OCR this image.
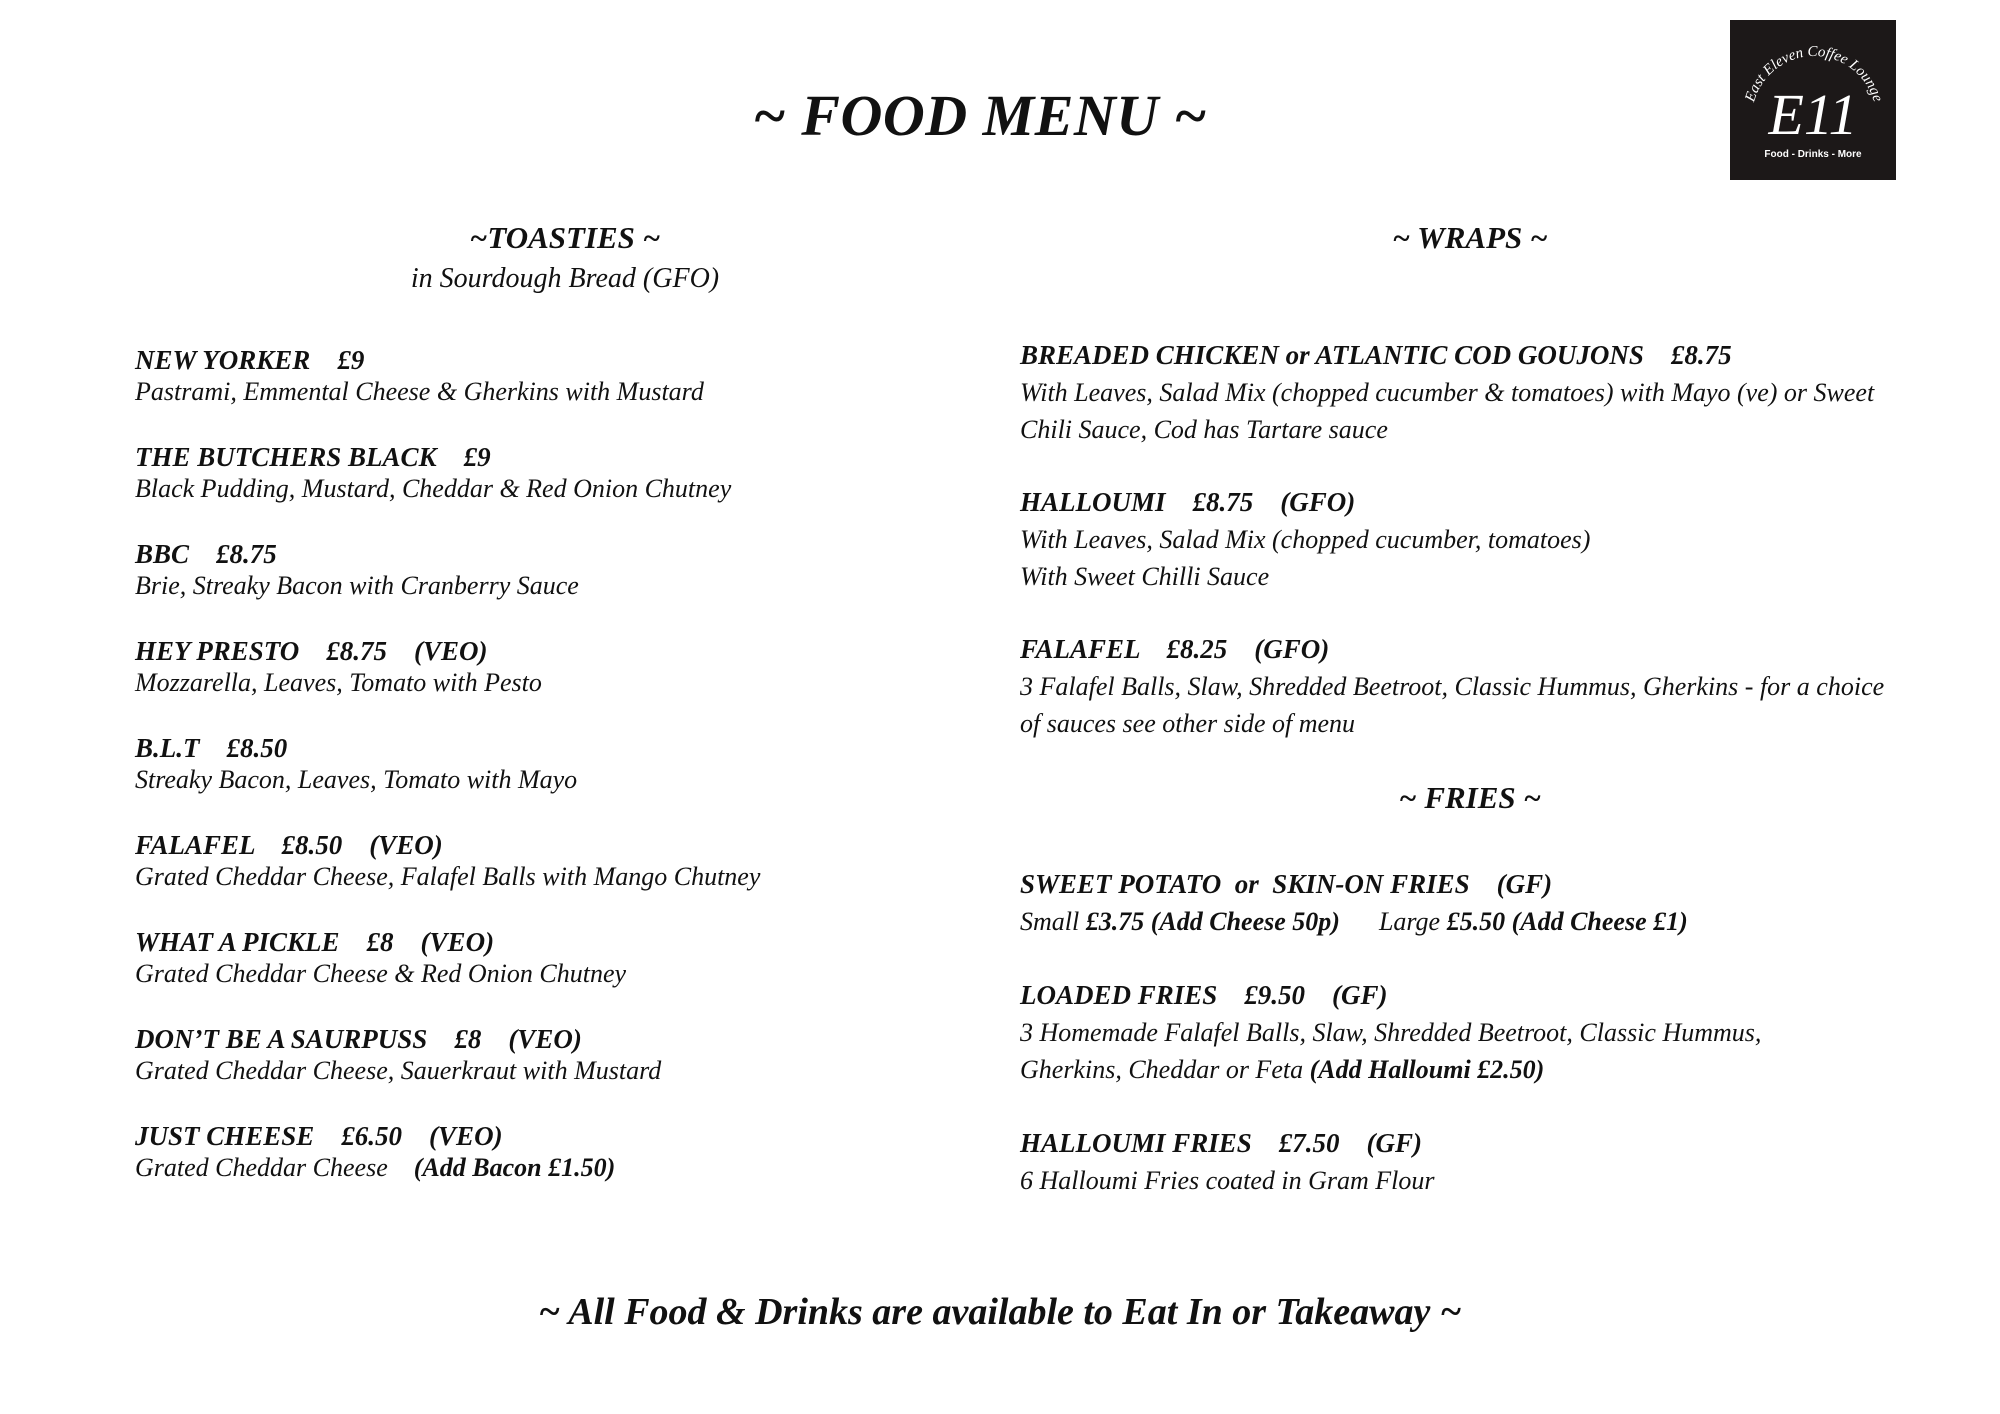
~ FOOD MENU ~	East Eleven Coffee Lounge
E11
Food - Drinks - More
~TOASTIES ~
in Sourdough Bread (GFO)
NEW YORKER    £9
Pastrami, Emmental Cheese & Gherkins with Mustard
THE BUTCHERS BLACK    £9
Black Pudding, Mustard, Cheddar & Red Onion Chutney
BBC    £8.75
Brie, Streaky Bacon with Cranberry Sauce
HEY PRESTO    £8.75    (VEO)
Mozzarella, Leaves, Tomato with Pesto
B.L.T    £8.50
Streaky Bacon, Leaves, Tomato with Mayo
FALAFEL    £8.50    (VEO)
Grated Cheddar Cheese, Falafel Balls with Mango Chutney
WHAT A PICKLE    £8    (VEO)
Grated Cheddar Cheese & Red Onion Chutney
DON’T BE A SAURPUSS    £8    (VEO)
Grated Cheddar Cheese, Sauerkraut with Mustard
JUST CHEESE    £6.50    (VEO)
Grated Cheddar Cheese (Add Bacon £1.50)
~ WRAPS ~
BREADED CHICKEN or ATLANTIC COD GOUJONS    £8.75
With Leaves, Salad Mix (chopped cucumber & tomatoes) with Mayo (ve) or Sweet Chili Sauce, Cod has Tartare sauce
HALLOUMI    £8.75    (GFO)
With Leaves, Salad Mix (chopped cucumber, tomatoes)
With Sweet Chilli Sauce
FALAFEL    £8.25    (GFO)
3 Falafel Balls, Slaw, Shredded Beetroot, Classic Hummus, Gherkins - for a choice of sauces see other side of menu
~ FRIES ~
SWEET POTATO  or  SKIN-ON FRIES    (GF)
Small £3.75 (Add Cheese 50p) Large £5.50 (Add Cheese £1)
LOADED FRIES    £9.50    (GF)
3 Homemade Falafel Balls, Slaw, Shredded Beetroot, Classic Hummus,
Gherkins, Cheddar or Feta (Add Halloumi £2.50)
HALLOUMI FRIES    £7.50    (GF)
6 Halloumi Fries coated in Gram Flour
~ All Food & Drinks are available to Eat In or Takeaway ~
